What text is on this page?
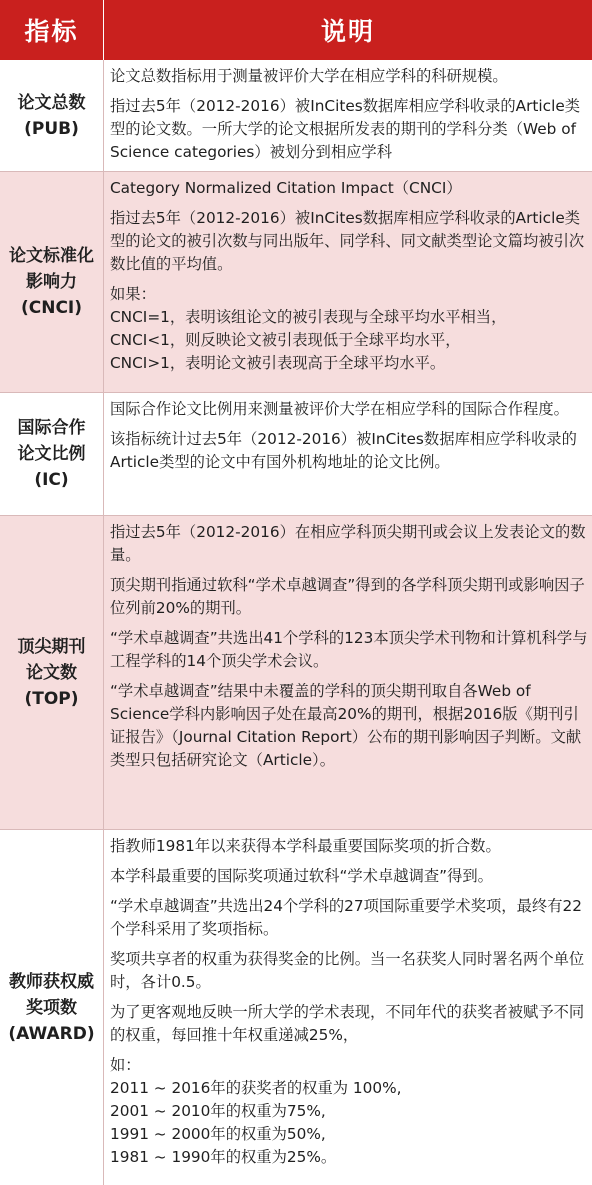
指标	说明
论文总数
(PUB)

论文总数指标用于测量被评价大学在相应学科的科研规模。

指过去5年（2012-2016）被InCites数据库相应学科收录的Article类型的论文数。一所大学的论文根据所发表的期刊的学科分类（Web of Science categories）被划分到相应学科

论文标准化
影响力
(CNCI)

Category Normalized Citation Impact（CNCI）

指过去5年（2012-2016）被InCites数据库相应学科收录的Article类型的论文的被引次数与同出版年、同学科、同文献类型论文篇均被引次数比值的平均值。

如果：

CNCI=1，表明该组论文的被引表现与全球平均水平相当，

CNCI<1，则反映论文被引表现低于全球平均水平，

CNCI>1，表明论文被引表现高于全球平均水平。

国际合作
论文比例
(IC)

国际合作论文比例用来测量被评价大学在相应学科的国际合作程度。

该指标统计过去5年（2012-2016）被InCites数据库相应学科收录的Article类型的论文中有国外机构地址的论文比例。

顶尖期刊
论文数
(TOP)

指过去5年（2012-2016）在相应学科顶尖期刊或会议上发表论文的数量。

顶尖期刊指通过软科“学术卓越调查”得到的各学科顶尖期刊或影响因子位列前20%的期刊。

“学术卓越调查”共选出41个学科的123本顶尖学术刊物和计算机科学与工程学科的14个顶尖学术会议。

“学术卓越调查”结果中未覆盖的学科的顶尖期刊取自各Web of Science学科内影响因子处在最高20%的期刊，根据2016版《期刊引证报告》（Journal Citation Report）公布的期刊影响因子判断。文献类型只包括研究论文（Article）。

教师获权威
奖项数
(AWARD)

指教师1981年以来获得本学科最重要国际奖项的折合数。

本学科最重要的国际奖项通过软科“学术卓越调查”得到。

“学术卓越调查”共选出24个学科的27项国际重要学术奖项，最终有22个学科采用了奖项指标。

奖项共享者的权重为获得奖金的比例。当一名获奖人同时署名两个单位时，各计0.5。

为了更客观地反映一所大学的学术表现，不同年代的获奖者被赋予不同的权重，每回推十年权重递减25%，

如：

2011 ~ 2016年的获奖者的权重为 100%,

2001 ~ 2010年的权重为75%,

1991 ~ 2000年的权重为50%,

1981 ~ 1990年的权重为25%。
